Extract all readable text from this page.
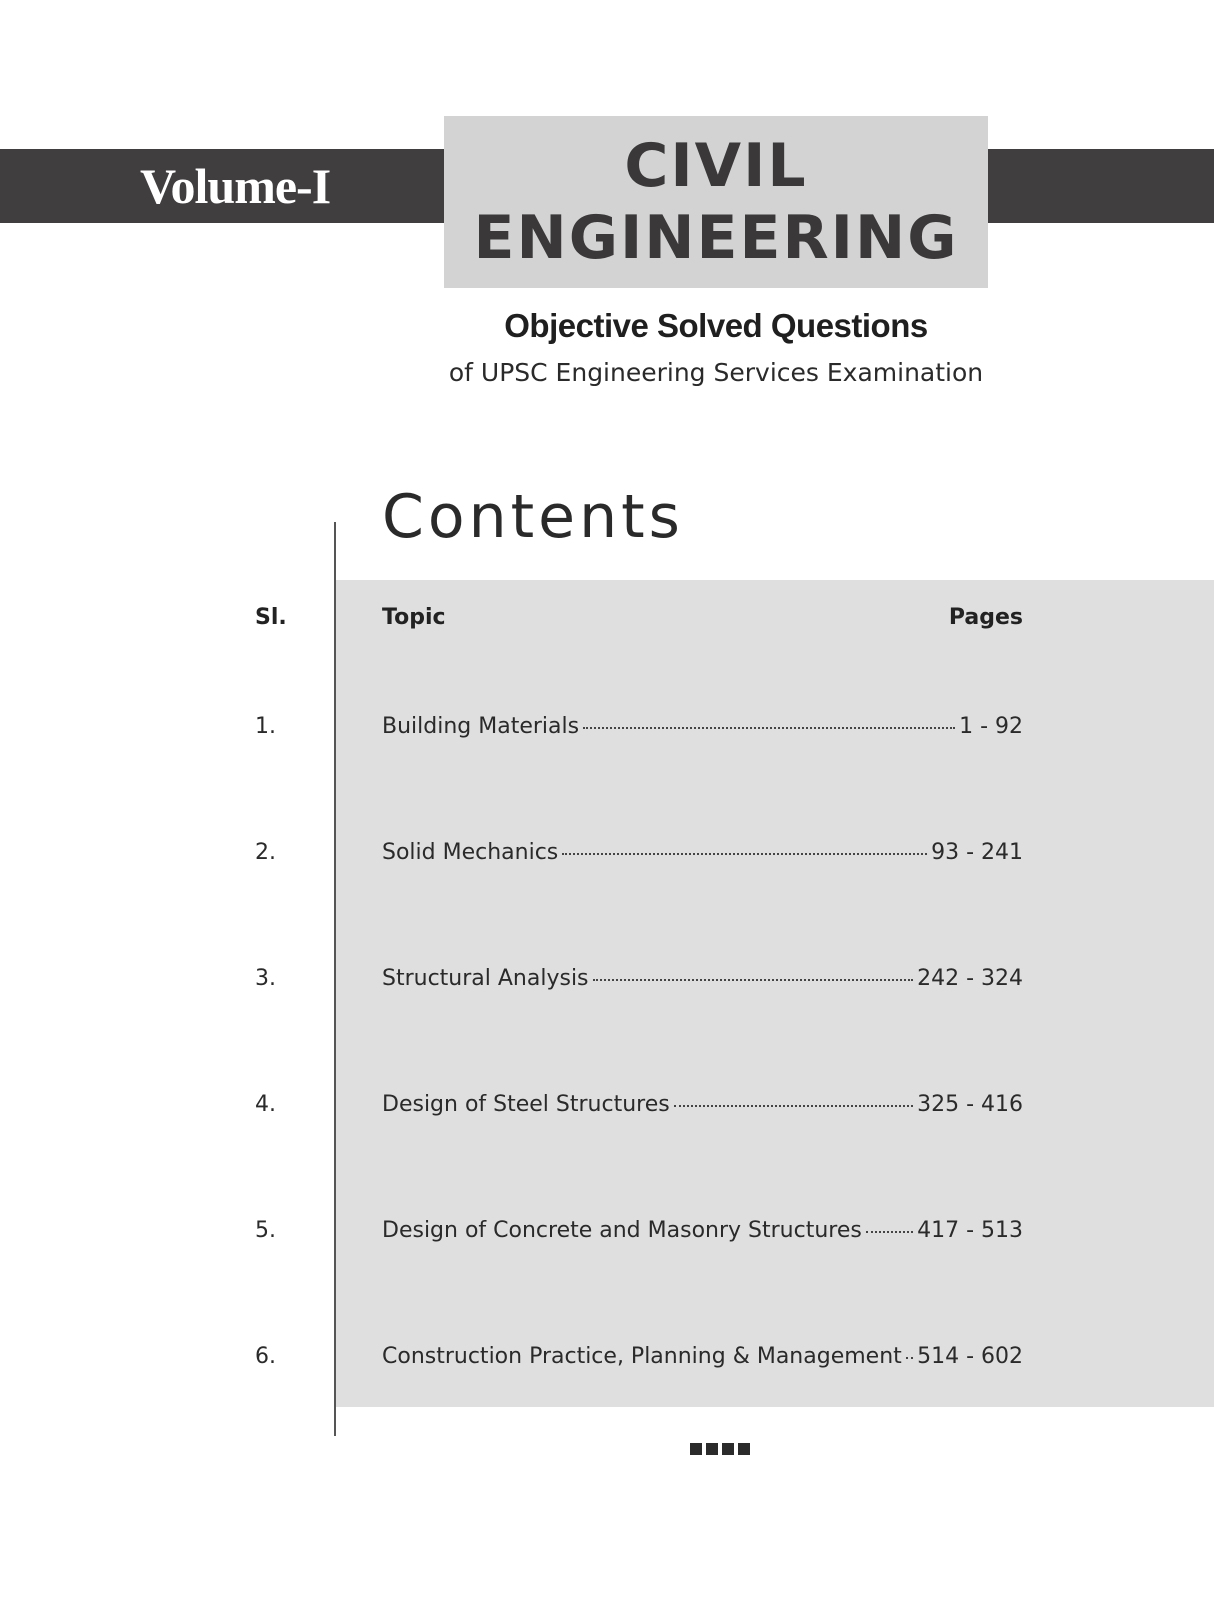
Volume-I	CIVIL
ENGINEERING
Objective Solved Questions
of UPSC Engineering Services Examination
Contents
Sl.	Topic	Pages
1.	Building Materials	1 - 92
2.	Solid Mechanics	93 - 241
3.	Structural Analysis	242 - 324
4.	Design of Steel Structures	325 - 416
5.	Design of Concrete and Masonry Structures	417 - 513
6.	Construction Practice, Planning & Management 514 - 602
